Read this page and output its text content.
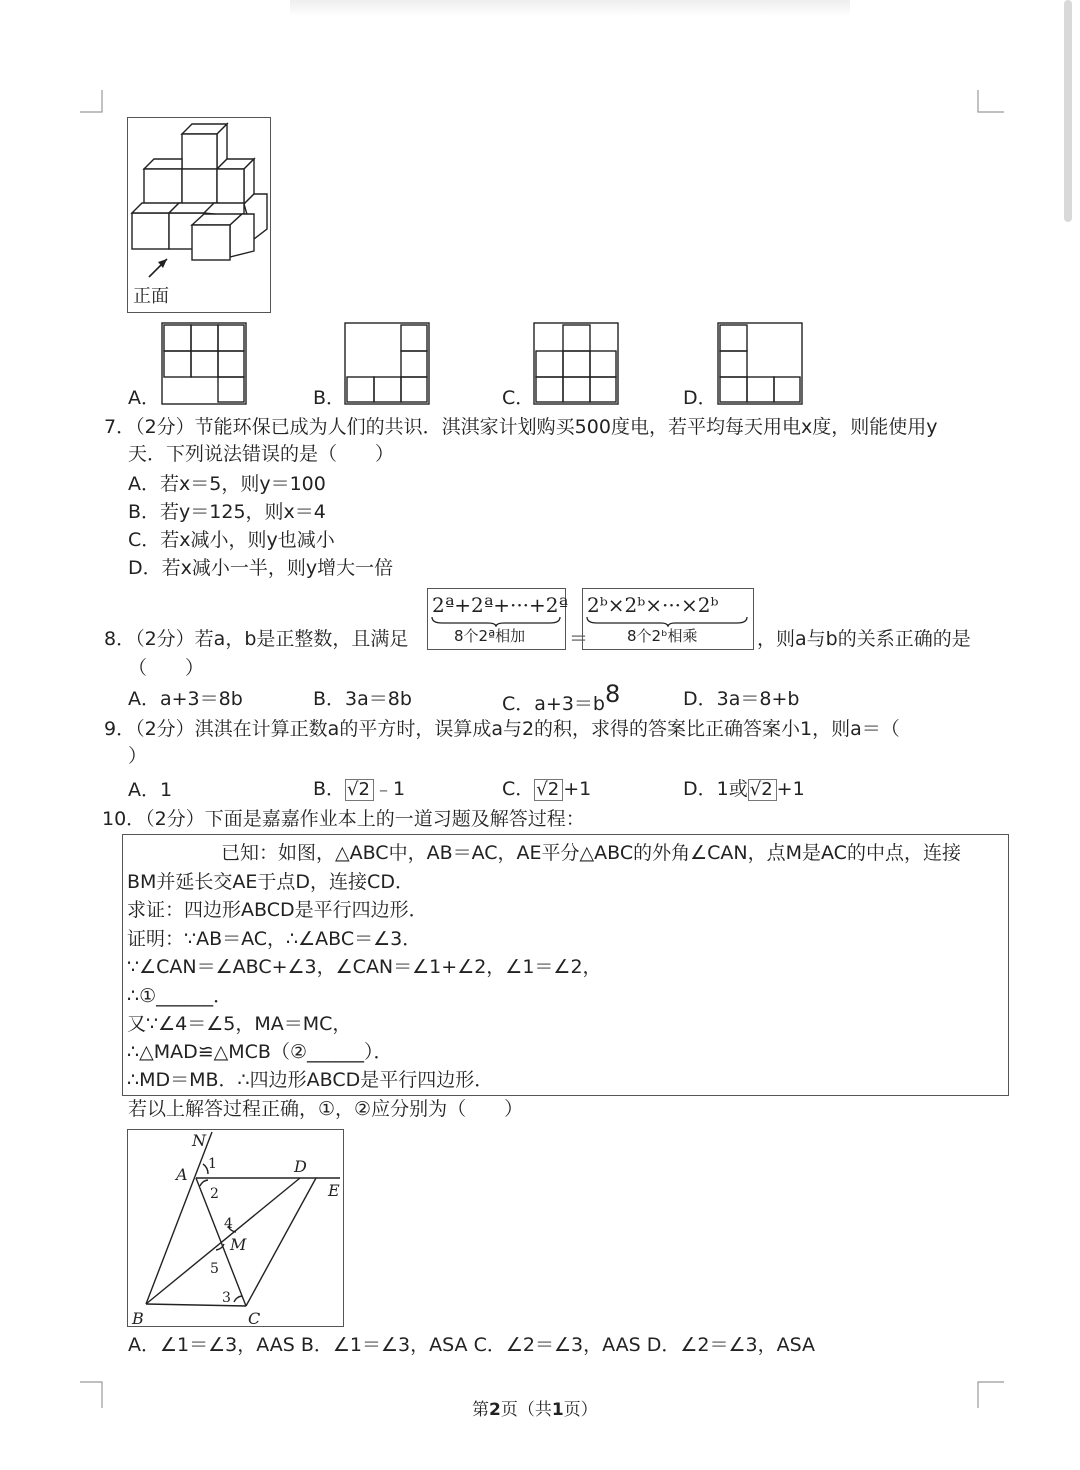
正面
A．	B．	C．	D．
7．（2分）节能环保已成为人们的共识．淇淇家计划购买500度电，若平均每天用电x度，则能使用y
天．下列说法错误的是（　　）
A．若x＝5，则y＝100
B．若y＝125，则x＝4
C．若x减小，则y也减小
D．若x减小一半，则y增大一倍
8．（2分）若a，b是正整数，且满足
2ª+2ª+···+2ª
8个2ª相加 ＝
2ᵇ×2ᵇ×···×2ᵇ
8个2ᵇ相乘	，则a与b的关系正确的是
（　　）
A．a+3＝8b	B．3a＝8b	C．a+3＝b8	D．3a＝8+b
9．（2分）淇淇在计算正数a的平方时，误算成a与2的积，求得的答案比正确答案小1，则a＝（
）
A．1	B． √2 ﹣1	C． √2 +1	D．1或 √2 +1
10．（2分）下面是嘉嘉作业本上的一道习题及解答过程：
已知：如图，△ABC中，AB＝AC，AE平分△ABC的外角∠CAN，点M是AC的中点，连接
BM并延长交AE于点D，连接CD．
求证：四边形ABCD是平行四边形．
证明：∵AB＝AC，∴∠ABC＝∠3．
∵∠CAN＝∠ABC+∠3，∠CAN＝∠1+∠2，∠1＝∠2，
∴①______．
又∵∠4＝∠5，MA＝MC，
∴△MAD≌△MCB（②______）．
∴MD＝MB．∴四边形ABCD是平行四边形．
若以上解答过程正确，①，②应分别为（　　）
N
A	D
E
M
B	C
1
2
4
5
3
A．∠1＝∠3，AAS B．∠1＝∠3，ASA C．∠2＝∠3，AAS D．∠2＝∠3，ASA
第2页（共1页）
